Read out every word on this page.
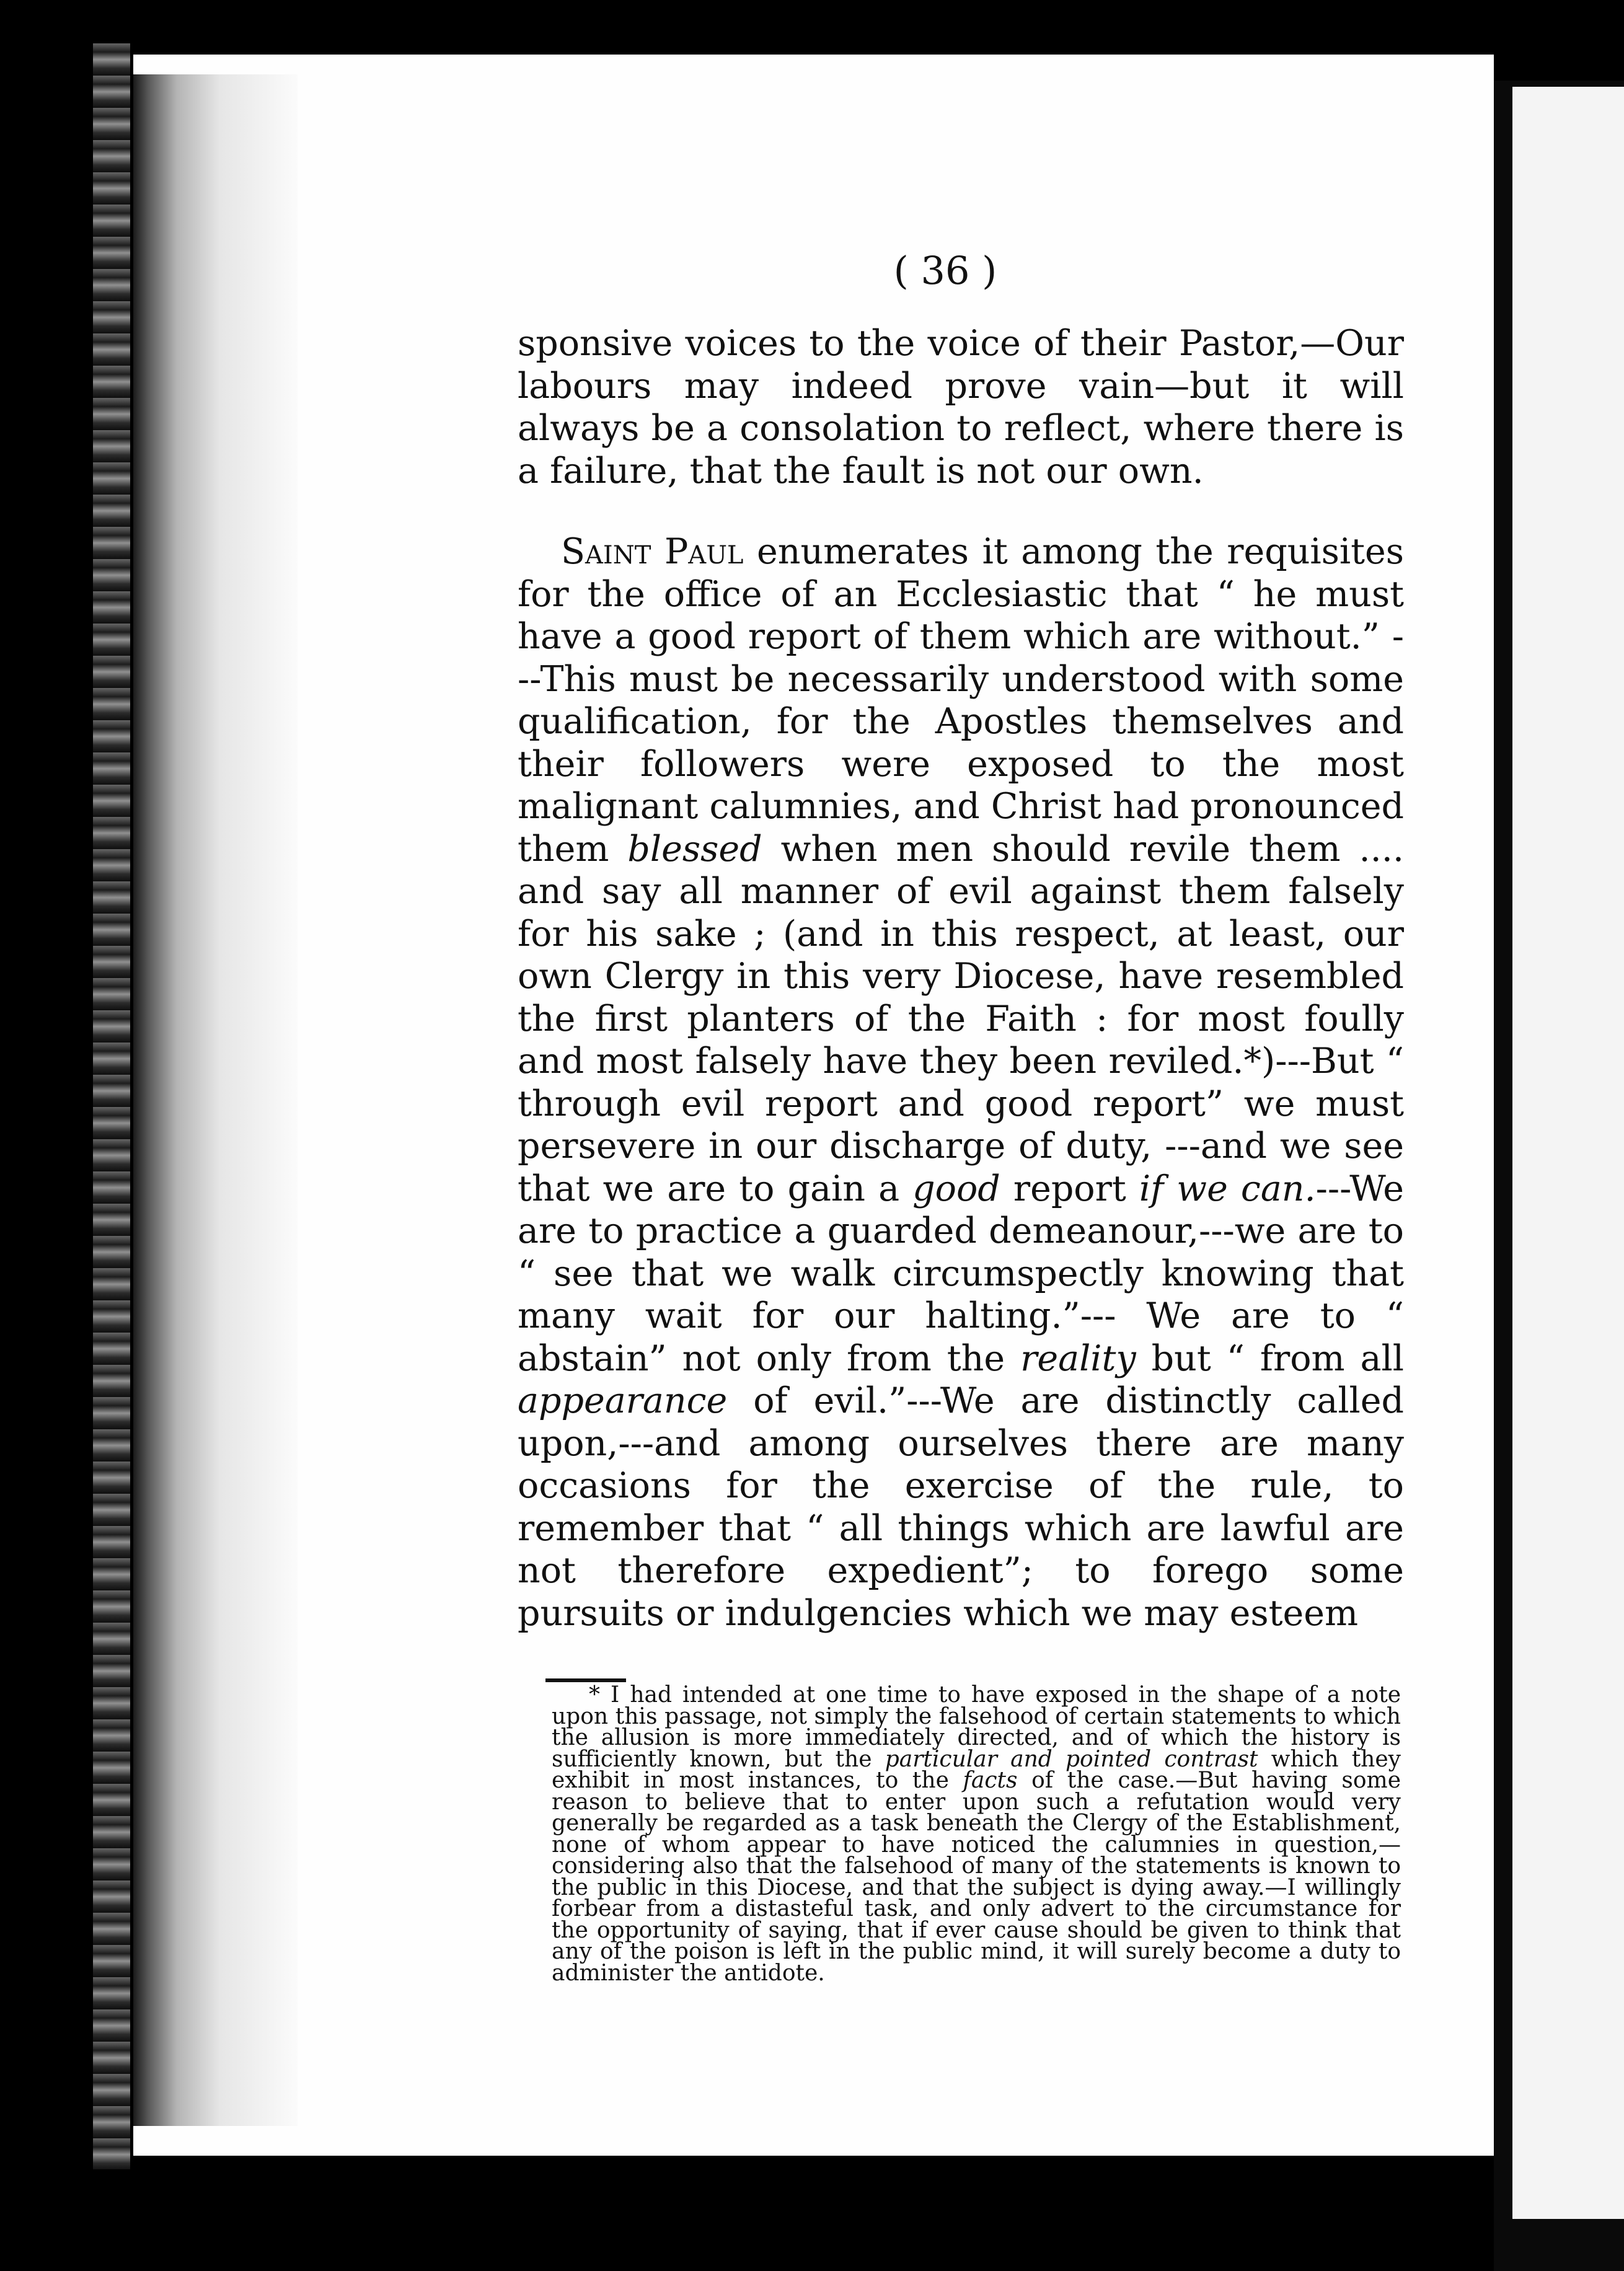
( 36 )

sponsive voices to the voice of their Pastor,—Our labours may indeed prove vain—but it will always be a consolation to reflect, where there is a failure, that the fault is not our own.

Saint Paul enumerates it among the requisites for the office of an Ecclesiastic that “ he must have a good report of them which are without.” ---This must be necessarily understood with some qualification, for the Apostles themselves and their followers were exposed to the most malignant calumnies, and Christ had pronounced them blessed when men should revile them .... and say all manner of evil against them falsely for his sake ; (and in this respect, at least, our own Clergy in this very Diocese, have resembled the first planters of the Faith : for most foully and most falsely have they been reviled.*)---But “ through evil report and good report” we must persevere in our discharge of duty, ---and we see that we are to gain a good report if we can.---We are to practice a guarded demeanour,---we are to “ see that we walk circumspectly knowing that many wait for our halting.”--- We are to “ abstain” not only from the reality but “ from all appearance of evil.”---We are distinctly called upon,---and among ourselves there are many occasions for the exercise of the rule, to remember that “ all things which are lawful are not therefore expedient”; to forego some pursuits or indulgencies which we may esteem

* I had intended at one time to have exposed in the shape of a note upon this passage, not simply the falsehood of certain statements to which the allusion is more immediately directed, and of which the history is sufficiently known, but the particular and pointed contrast which they exhibit in most instances, to the facts of the case.—But having some reason to believe that to enter upon such a refutation would very generally be regarded as a task beneath the Clergy of the Establishment, none of whom appear to have noticed the calumnies in question,—considering also that the falsehood of many of the statements is known to the public in this Diocese, and that the subject is dying away.—I willingly forbear from a distasteful task, and only advert to the circumstance for the opportunity of saying, that if ever cause should be given to think that any of the poison is left in the public mind, it will surely become a duty to administer the antidote.
